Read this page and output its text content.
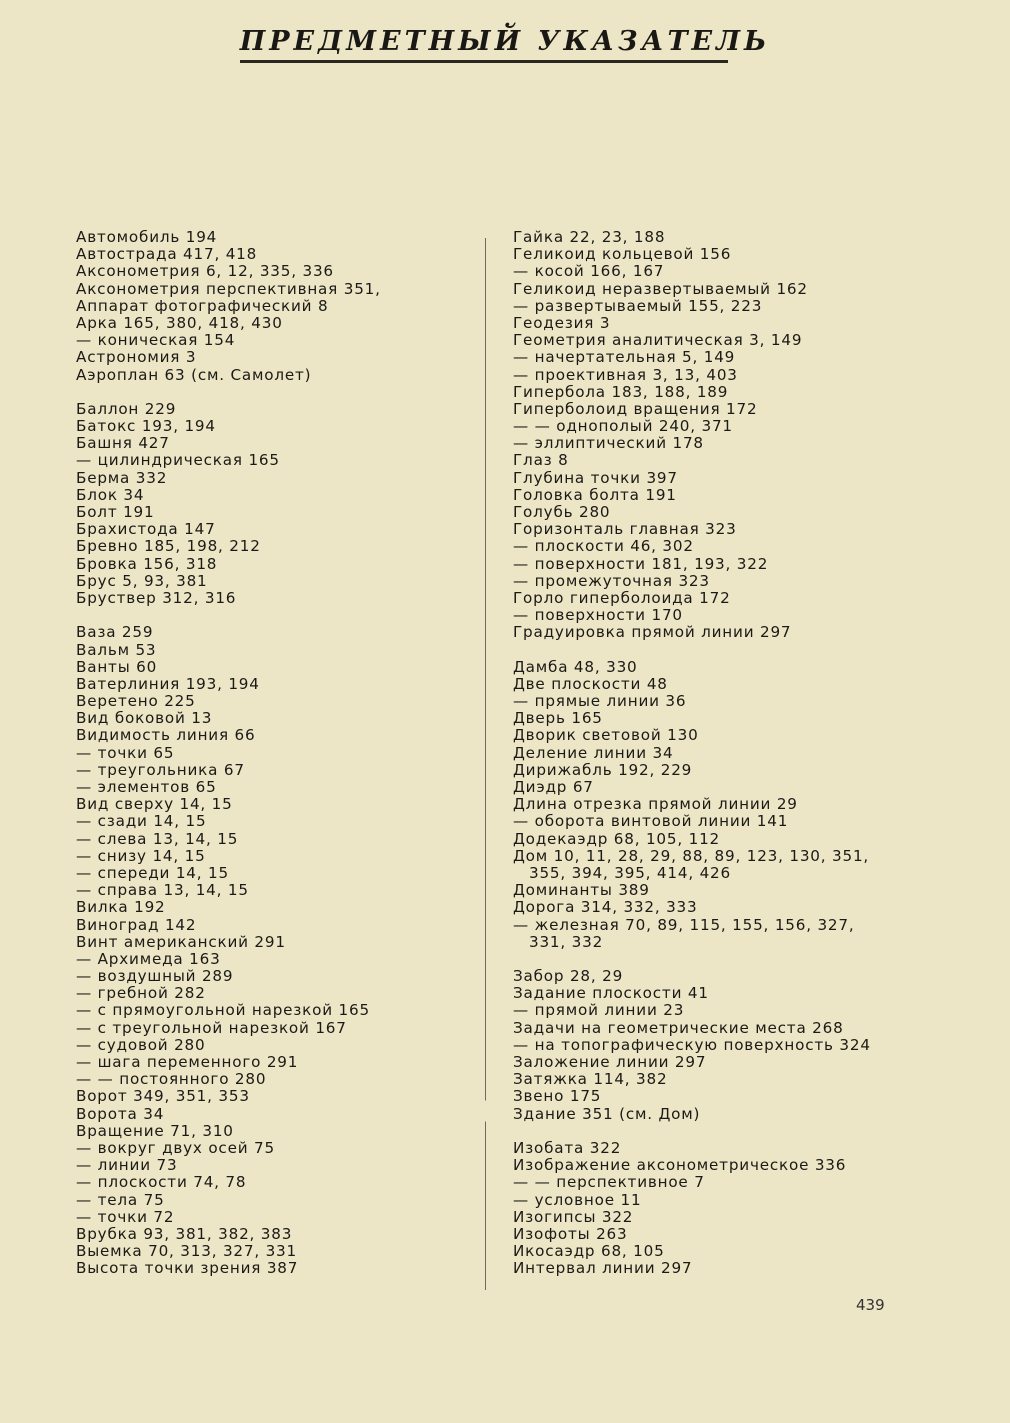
ПРЕДМЕТНЫЙ УКАЗАТЕЛЬ
Автомобиль 194
Автострада 417, 418
Аксонометрия 6, 12, 335, 336
Аксонометрия перспективная 351,
Аппарат фотографический 8
Арка 165, 380, 418, 430
— коническая 154
Астрономия 3
Аэроплан 63 (см. Самолет)
Баллон 229
Батокс 193, 194
Башня 427
— цилиндрическая 165
Берма 332
Блок 34
Болт 191
Брахистода 147
Бревно 185, 198, 212
Бровка 156, 318
Брус 5, 93, 381
Бруствер 312, 316
Ваза 259
Вальм 53
Ванты 60
Ватерлиния 193, 194
Веретено 225
Вид боковой 13
Видимость линия 66
— точки 65
— треугольника 67
— элементов 65
Вид сверху 14, 15
— сзади 14, 15
— слева 13, 14, 15
— снизу 14, 15
— спереди 14, 15
— справа 13, 14, 15
Вилка 192
Виноград 142
Винт американский 291
— Архимеда 163
— воздушный 289
— гребной 282
— с прямоугольной нарезкой 165
— с треугольной нарезкой 167
— судовой 280
— шага переменного 291
— — постоянного 280
Ворот 349, 351, 353
Ворота 34
Вращение 71, 310
— вокруг двух осей 75
— линии 73
— плоскости 74, 78
— тела 75
— точки 72
Врубка 93, 381, 382, 383
Выемка 70, 313, 327, 331
Высота точки зрения 387
Гайка 22, 23, 188
Геликоид кольцевой 156
— косой 166, 167
Геликоид неразвертываемый 162
— развертываемый 155, 223
Геодезия 3
Геометрия аналитическая 3, 149
— начертательная 5, 149
— проективная 3, 13, 403
Гипербола 183, 188, 189
Гиперболоид вращения 172
— — однополый 240, 371
— эллиптический 178
Глаз 8
Глубина точки 397
Головка болта 191
Голубь 280
Горизонталь главная 323
— плоскости 46, 302
— поверхности 181, 193, 322
— промежуточная 323
Горло гиперболоида 172
— поверхности 170
Градуировка прямой линии 297
Дамба 48, 330
Две плоскости 48
— прямые линии 36
Дверь 165
Дворик световой 130
Деление линии 34
Дирижабль 192, 229
Диэдр 67
Длина отрезка прямой линии 29
— оборота винтовой линии 141
Додекаэдр 68, 105, 112
Дом 10, 11, 28, 29, 88, 89, 123, 130, 351,
355, 394, 395, 414, 426
Доминанты 389
Дорога 314, 332, 333
— железная 70, 89, 115, 155, 156, 327,
331, 332
Забор 28, 29
Задание плоскости 41
— прямой линии 23
Задачи на геометрические места 268
— на топографическую поверхность 324
Заложение линии 297
Затяжка 114, 382
Звено 175
Здание 351 (см. Дом)
Изобата 322
Изображение аксонометрическое 336
— — перспективное 7
— условное 11
Изогипсы 322
Изофоты 263
Икосаэдр 68, 105
Интервал линии 297
439
